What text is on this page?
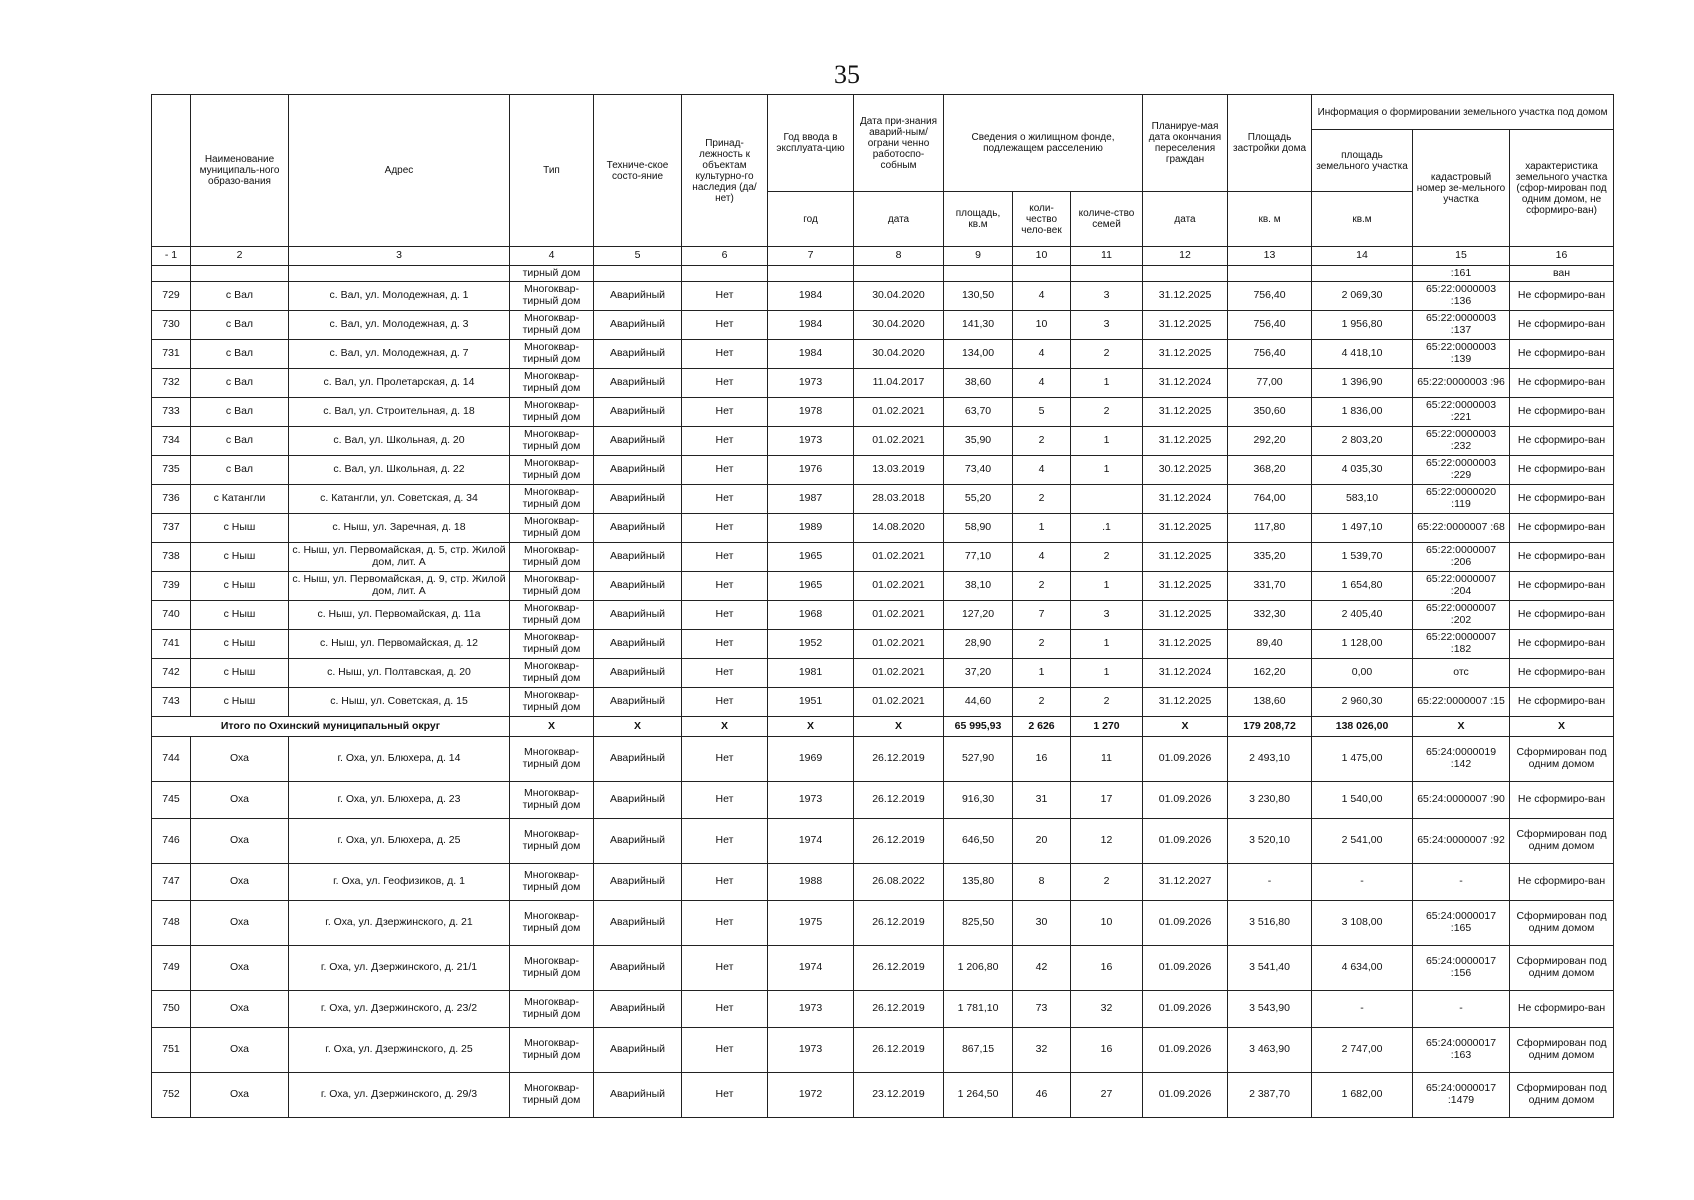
35
	Наименование муниципаль-ного образо-вания	Адрес	Тип	Техниче-ское состо-яние	Принад-лежность к объектам культурно-го наследия (да/нет)	Год ввода в эксплуата-цию	Дата при-знания аварий-ным/ограни ченно работоспо-собным	Сведения о жилищном фонде, подлежащем расселению			Планируе-мая дата окончания переселения граждан	Площадь застройки дома	Информация о формировании земельного участка под домом		
													площадь земельного участка	кадастровый номер зе-мельного участка	характеристика земельного участка (сфор-мирован под одним домом, не сформиро-ван)
						год	дата	площадь, кв.м	коли-чество чело-век	количе-ство семей	дата	кв. м	кв.м		
- 1	2	3	4	5	6	7	8	9	10	11	12	13	14	15	16
			тирный дом											:161	ван
729	с Вал	с. Вал, ул. Молодежная, д. 1	Многоквар-тирный дом	Аварийный	Нет	1984	30.04.2020	130,50	4	3	31.12.2025	756,40	2 069,30	65:22:0000003 :136	Не сформиро-ван
730	с Вал	с. Вал, ул. Молодежная, д. 3	Многоквар-тирный дом	Аварийный	Нет	1984	30.04.2020	141,30	10	3	31.12.2025	756,40	1 956,80	65:22:0000003 :137	Не сформиро-ван
731	с Вал	с. Вал, ул. Молодежная, д. 7	Многоквар-тирный дом	Аварийный	Нет	1984	30.04.2020	134,00	4	2	31.12.2025	756,40	4 418,10	65:22:0000003 :139	Не сформиро-ван
732	с Вал	с. Вал, ул. Пролетарская, д. 14	Многоквар-тирный дом	Аварийный	Нет	1973	11.04.2017	38,60	4	1	31.12.2024	77,00	1 396,90	65:22:0000003 :96	Не сформиро-ван
733	с Вал	с. Вал, ул. Строительная, д. 18	Многоквар-тирный дом	Аварийный	Нет	1978	01.02.2021	63,70	5	2	31.12.2025	350,60	1 836,00	65:22:0000003 :221	Не сформиро-ван
734	с Вал	с. Вал, ул. Школьная, д. 20	Многоквар-тирный дом	Аварийный	Нет	1973	01.02.2021	35,90	2	1	31.12.2025	292,20	2 803,20	65:22:0000003 :232	Не сформиро-ван
735	с Вал	с. Вал, ул. Школьная, д. 22	Многоквар-тирный дом	Аварийный	Нет	1976	13.03.2019	73,40	4	1	30.12.2025	368,20	4 035,30	65:22:0000003 :229	Не сформиро-ван
736	с Катангли	с. Катангли, ул. Советская, д. 34	Многоквар-тирный дом	Аварийный	Нет	1987	28.03.2018	55,20	2		31.12.2024	764,00	583,10	65:22:0000020 :119	Не сформиро-ван
737	с Ныш	с. Ныш, ул. Заречная, д. 18	Многоквар-тирный дом	Аварийный	Нет	1989	14.08.2020	58,90	1	.1	31.12.2025	117,80	1 497,10	65:22:0000007 :68	Не сформиро-ван
738	с Ныш	с. Ныш, ул. Первомайская, д. 5, стр. Жилой дом, лит. А	Многоквар-тирный дом	Аварийный	Нет	1965	01.02.2021	77,10	4	2	31.12.2025	335,20	1 539,70	65:22:0000007 :206	Не сформиро-ван
739	с Ныш	с. Ныш, ул. Первомайская, д. 9, стр. Жилой дом, лит. А	Многоквар-тирный дом	Аварийный	Нет	1965	01.02.2021	38,10	2	1	31.12.2025	331,70	1 654,80	65:22:0000007 :204	Не сформиро-ван
740	с Ныш	с. Ныш, ул. Первомайская, д. 11а	Многоквар-тирный дом	Аварийный	Нет	1968	01.02.2021	127,20	7	3	31.12.2025	332,30	2 405,40	65:22:0000007 :202	Не сформиро-ван
741	с Ныш	с. Ныш, ул. Первомайская, д. 12	Многоквар-тирный дом	Аварийный	Нет	1952	01.02.2021	28,90	2	1	31.12.2025	89,40	1 128,00	65:22:0000007 :182	Не сформиро-ван
742	с Ныш	с. Ныш, ул. Полтавская, д. 20	Многоквар-тирный дом	Аварийный	Нет	1981	01.02.2021	37,20	1	1	31.12.2024	162,20	0,00	отс	Не сформиро-ван
743	с Ныш	с. Ныш, ул. Советская, д. 15	Многоквар-тирный дом	Аварийный	Нет	1951	01.02.2021	44,60	2	2	31.12.2025	138,60	2 960,30	65:22:0000007 :15	Не сформиро-ван
Итого по Охинский муниципальный округ			Х	Х	Х	Х	Х	65 995,93	2 626	1 270	Х	179 208,72	138 026,00	Х	Х
744	Оха	г. Оха, ул. Блюхера, д. 14	Многоквар-тирный дом	Аварийный	Нет	1969	26.12.2019	527,90	16	11	01.09.2026	2 493,10	1 475,00	65:24:0000019 :142	Сформирован под одним домом
745	Оха	г. Оха, ул. Блюхера, д. 23	Многоквар-тирный дом	Аварийный	Нет	1973	26.12.2019	916,30	31	17	01.09.2026	3 230,80	1 540,00	65:24:0000007 :90	Не сформиро-ван
746	Оха	г. Оха, ул. Блюхера, д. 25	Многоквар-тирный дом	Аварийный	Нет	1974	26.12.2019	646,50	20	12	01.09.2026	3 520,10	2 541,00	65:24:0000007 :92	Сформирован под одним домом
747	Оха	г. Оха, ул. Геофизиков, д. 1	Многоквар-тирный дом	Аварийный	Нет	1988	26.08.2022	135,80	8	2	31.12.2027	-	-	-	Не сформиро-ван
748	Оха	г. Оха, ул. Дзержинского, д. 21	Многоквар-тирный дом	Аварийный	Нет	1975	26.12.2019	825,50	30	10	01.09.2026	3 516,80	3 108,00	65:24:0000017 :165	Сформирован под одним домом
749	Оха	г. Оха, ул. Дзержинского, д. 21/1	Многоквар-тирный дом	Аварийный	Нет	1974	26.12.2019	1 206,80	42	16	01.09.2026	3 541,40	4 634,00	65:24:0000017 :156	Сформирован под одним домом
750	Оха	г. Оха, ул. Дзержинского, д. 23/2	Многоквар-тирный дом	Аварийный	Нет	1973	26.12.2019	1 781,10	73	32	01.09.2026	3 543,90	-	-	Не сформиро-ван
751	Оха	г. Оха, ул. Дзержинского, д. 25	Многоквар-тирный дом	Аварийный	Нет	1973	26.12.2019	867,15	32	16	01.09.2026	3 463,90	2 747,00	65:24:0000017 :163	Сформирован под одним домом
752	Оха	г. Оха, ул. Дзержинского, д. 29/3	Многоквар-тирный дом	Аварийный	Нет	1972	23.12.2019	1 264,50	46	27	01.09.2026	2 387,70	1 682,00	65:24:0000017 :1479	Сформирован под одним домом
